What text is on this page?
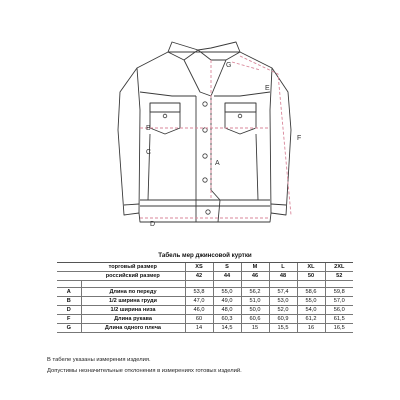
A
B
C
D
E
F
G
Табель мер джинсовой куртки							
	торговый размер	XS	S	M	L	XL	2XL
	российский размер	42	44	46	48	50	52

A	Длина по переду	53,8	55,0	56,2	57,4	58,6	59,8
B	1/2 ширина груди	47,0	49,0	51,0	53,0	55,0	57,0
D	1/2 ширина низа	46,0	48,0	50,0	52,0	54,0	56,0
F	Длина рукава	60	60,3	60,6	60,9	61,2	61,5
G	Длина одного плеча	14	14,5	15	15,5	16	16,5
В табеле указаны измерения изделия.
Допустимы незначительные отклонения в измерениях готовых изделий.
